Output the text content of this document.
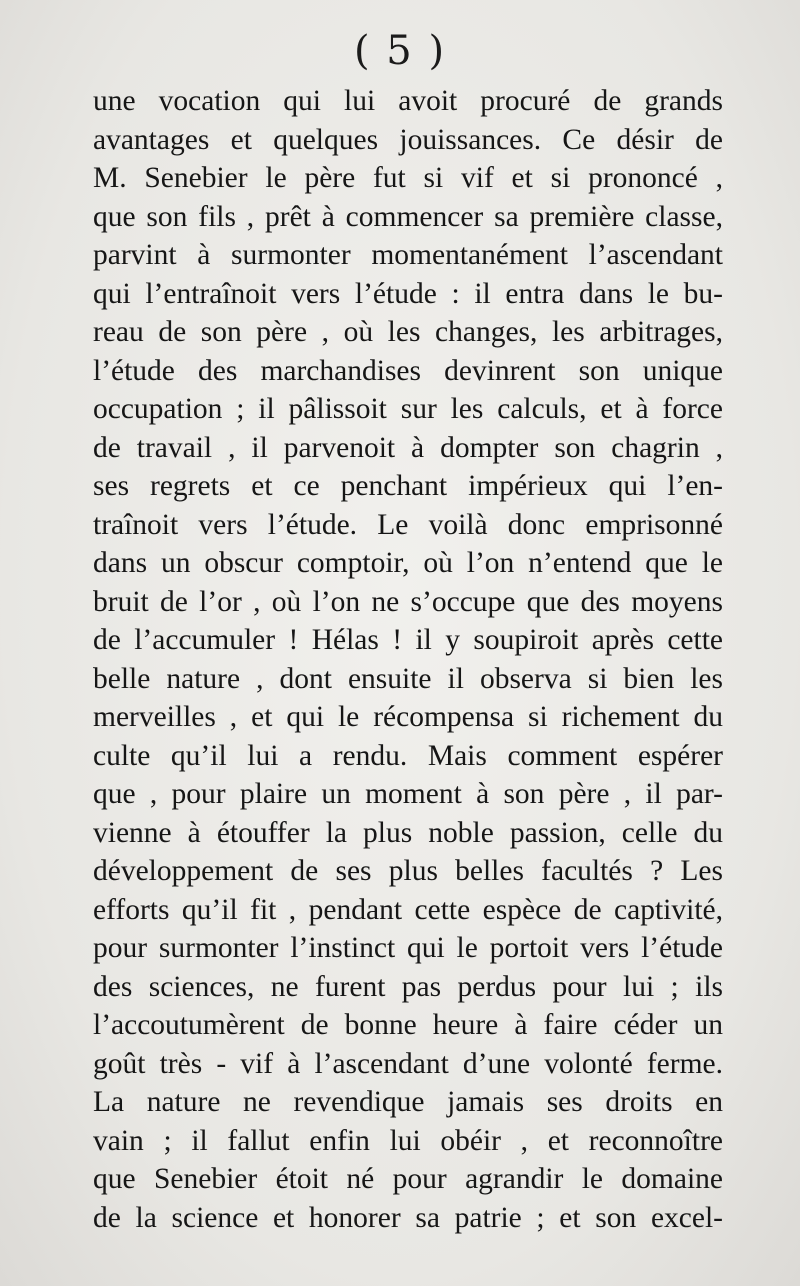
( 5 )
une vocation qui lui avoit procuré de grands
avantages et quelques jouissances. Ce désir de
M. Senebier le père fut si vif et si prononcé ,
que son fils , prêt à commencer sa première classe,
parvint à surmonter momentanément l’ascendant
qui l’entraînoit vers l’étude : il entra dans le bu-
reau de son père , où les changes, les arbitrages,
l’étude des marchandises devinrent son unique
occupation ; il pâlissoit sur les calculs, et à force
de travail , il parvenoit à dompter son chagrin ,
ses regrets et ce penchant impérieux qui l’en-
traînoit vers l’étude. Le voilà donc emprisonné
dans un obscur comptoir, où l’on n’entend que le
bruit de l’or , où l’on ne s’occupe que des moyens
de l’accumuler ! Hélas ! il y soupiroit après cette
belle nature , dont ensuite il observa si bien les
merveilles , et qui le récompensa si richement du
culte qu’il lui a rendu. Mais comment espérer
que , pour plaire un moment à son père , il par-
vienne à étouffer la plus noble passion, celle du
développement de ses plus belles facultés ? Les
efforts qu’il fit , pendant cette espèce de captivité,
pour surmonter l’instinct qui le portoit vers l’étude
des sciences, ne furent pas perdus pour lui ; ils
l’accoutumèrent de bonne heure à faire céder un
goût très - vif à l’ascendant d’une volonté ferme.
La nature ne revendique jamais ses droits en
vain ; il fallut enfin lui obéir , et reconnoître
que Senebier étoit né pour agrandir le domaine
de la science et honorer sa patrie ; et son excel-
